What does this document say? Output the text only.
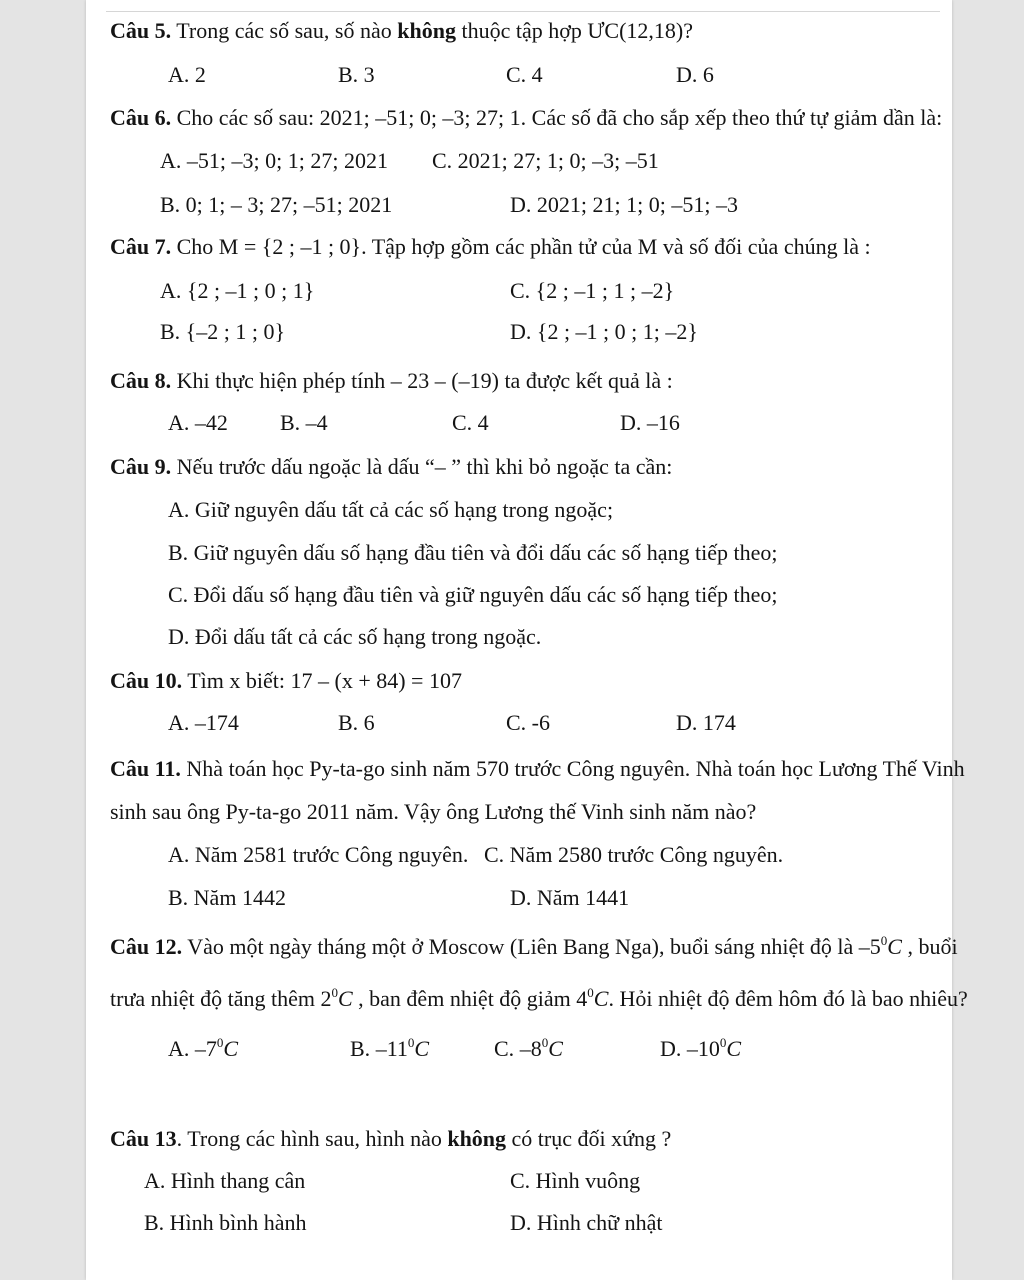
Câu 5. Trong các số sau, số nào không thuộc tập hợp ƯC(12,18)?
A. 2	B. 3	C. 4	D. 6
Câu 6. Cho các số sau: 2021; –51; 0; –3; 27; 1. Các số đã cho sắp xếp theo thứ tự giảm dần là:
A. –51; –3; 0; 1; 27; 2021 C. 2021; 27; 1; 0; –3; –51
B. 0; 1; – 3; 27; –51; 2021	D. 2021; 21; 1; 0; –51; –3
Câu 7. Cho M = {2 ; –1 ; 0}. Tập hợp gồm các phần tử của M và số đối của chúng là :
A. {2 ; –1 ; 0 ; 1}	C. {2 ; –1 ; 1 ; –2}
B. {–2 ; 1 ; 0}	D. {2 ; –1 ; 0 ; 1; –2}
Câu 8. Khi thực hiện phép tính – 23 – (–19) ta được kết quả là :
A. –42 B. –4	C. 4	D. –16
Câu 9. Nếu trước dấu ngoặc là dấu “– ” thì khi bỏ ngoặc ta cần:
A. Giữ nguyên dấu tất cả các số hạng trong ngoặc;
B. Giữ nguyên dấu số hạng đầu tiên và đổi dấu các số hạng tiếp theo;
C. Đổi dấu số hạng đầu tiên và giữ nguyên dấu các số hạng tiếp theo;
D. Đổi dấu tất cả các số hạng trong ngoặc.
Câu 10. Tìm x biết: 17 – (x + 84) = 107
A. –174	B. 6	C. -6	D. 174
Câu 11. Nhà toán học Py-ta-go sinh năm 570 trước Công nguyên. Nhà toán học Lương Thế Vinh
sinh sau ông Py-ta-go 2011 năm. Vậy ông Lương thế Vinh sinh năm nào?
A. Năm 2581 trước Công nguyên. C. Năm 2580 trước Công nguyên.
B. Năm 1442	D. Năm 1441
Câu 12. Vào một ngày tháng một ở Moscow (Liên Bang Nga), buổi sáng nhiệt độ là $-5^0C$ , buổi
trưa nhiệt độ tăng thêm $2^0C$ , ban đêm nhiệt độ giảm $4^0C$. Hỏi nhiệt độ đêm hôm đó là bao nhiêu?
A. $-7^0C$	B. $-11^0C$	C. $-8^0C$	D. $-10^0C$
Câu 13. Trong các hình sau, hình nào không có trục đối xứng ?
A. Hình thang cân	C. Hình vuông
B. Hình bình hành	D. Hình chữ nhật
